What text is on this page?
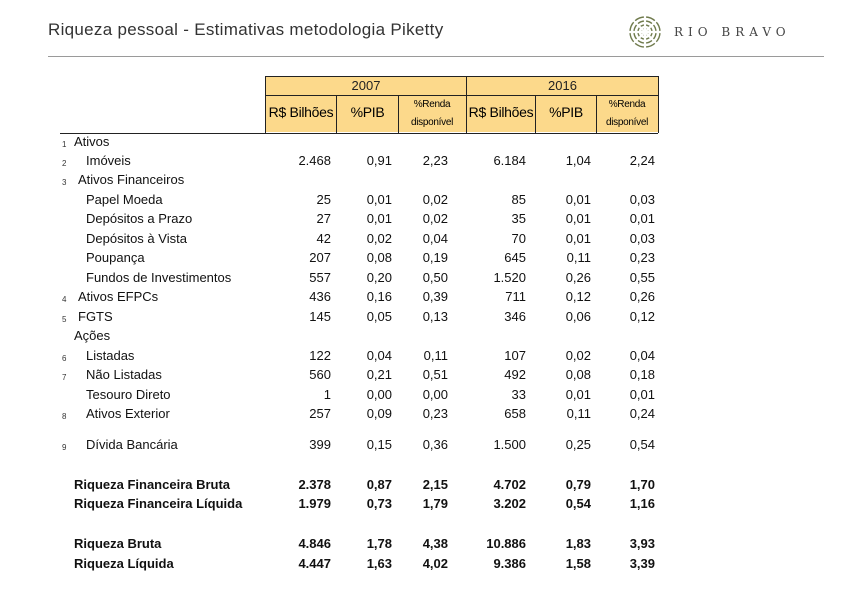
Riqueza pessoal - Estimativas metodologia Piketty	RIO BRAVO
2007	2016
R$ Bilhões	%PIB	%Renda disponível
R$ Bilhões	%PIB	%Renda disponível
1 Ativos
2 Imóveis	2.468	0,91	2,23	6.184	1,04	2,24
3 Ativos Financeiros
Papel Moeda	25	0,01	0,02	85	0,01	0,03
Depósitos a Prazo	27	0,01	0,02	35	0,01	0,01
Depósitos à Vista	42	0,02	0,04	70	0,01	0,03
Poupança	207	0,08	0,19	645	0,11	0,23
Fundos de Investimentos	557	0,20	0,50	1.520	0,26	0,55
4 Ativos EFPCs	436	0,16	0,39	711	0,12	0,26
5 FGTS	145	0,05	0,13	346	0,06	0,12
Ações
6 Listadas	122	0,04	0,11	107	0,02	0,04
7 Não Listadas	560	0,21	0,51	492	0,08	0,18
Tesouro Direto	1	0,00	0,00	33	0,01	0,01
8 Ativos Exterior	257	0,09	0,23	658	0,11	0,24
9 Dívida Bancária	399	0,15	0,36	1.500	0,25	0,54
Riqueza Financeira Bruta	2.378	0,87	2,15	4.702	0,79	1,70
Riqueza Financeira Líquida	1.979	0,73	1,79	3.202	0,54	1,16
Riqueza Bruta	4.846	1,78	4,38	10.886	1,83	3,93
Riqueza Líquida	4.447	1,63	4,02	9.386	1,58	3,39
